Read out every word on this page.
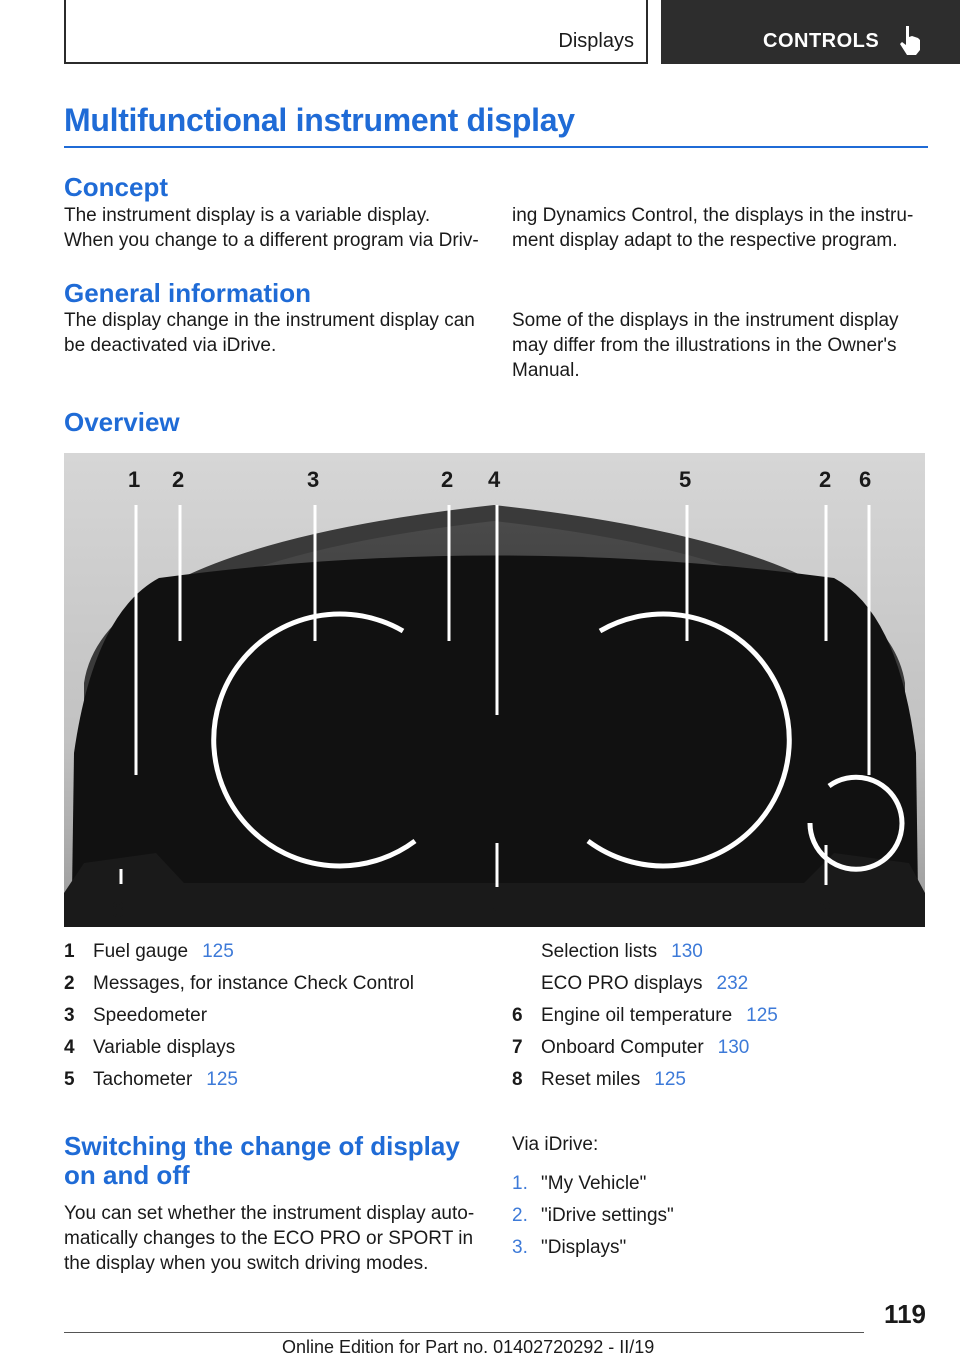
Displays	CONTROLS
Multifunctional instrument display
Concept

The instrument display is a variable display. When you change to a different program via Driv-

ing Dynamics Control, the displays in the instru- ment display adapt to the respective program.

General information

The display change in the instrument display can be deactivated via iDrive.

Some of the displays in the instrument display may differ from the illustrations in the Owner's Manual.

Overview
1 2	3	2 4	5	2 6
8	7	2
1 Fuel gauge 125
2 Messages, for instance Check Control
3 Speedometer
4 Variable displays
5 Tachometer 125
Selection lists 130
ECO PRO displays 232
6 Engine oil temperature 125
7 Onboard Computer 130
8 Reset miles 125
Switching the change of display
on and off

You can set whether the instrument display auto- matically changes to the ECO PRO or SPORT in the display when you switch driving modes.

Via iDrive:

1. "My Vehicle"
2. "iDrive settings"
3. "Displays"
119
Online Edition for Part no. 01402720292 - II/19
